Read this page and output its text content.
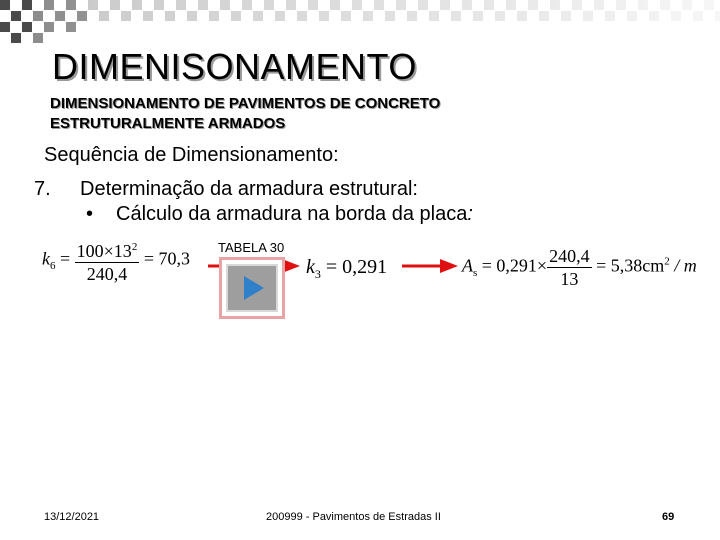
DIMENISONAMENTO
DIMENSIONAMENTO DE PAVIMENTOS DE CONCRETO
ESTRUTURALMENTE ARMADOS
Sequência de Dimensionamento:
7. Determinação da armadura estrutural:
• Cálculo da armadura na borda da placa:
$k_6 = \frac{100\times 13^2}{240,4} = 70,3$
TABELA 30
$k_3 = 0,291$	$A_s = 0,291\times \frac{240,4}{13} = 5,38cm^2 / m$
13/12/2021	200999 - Pavimentos de Estradas II	69
